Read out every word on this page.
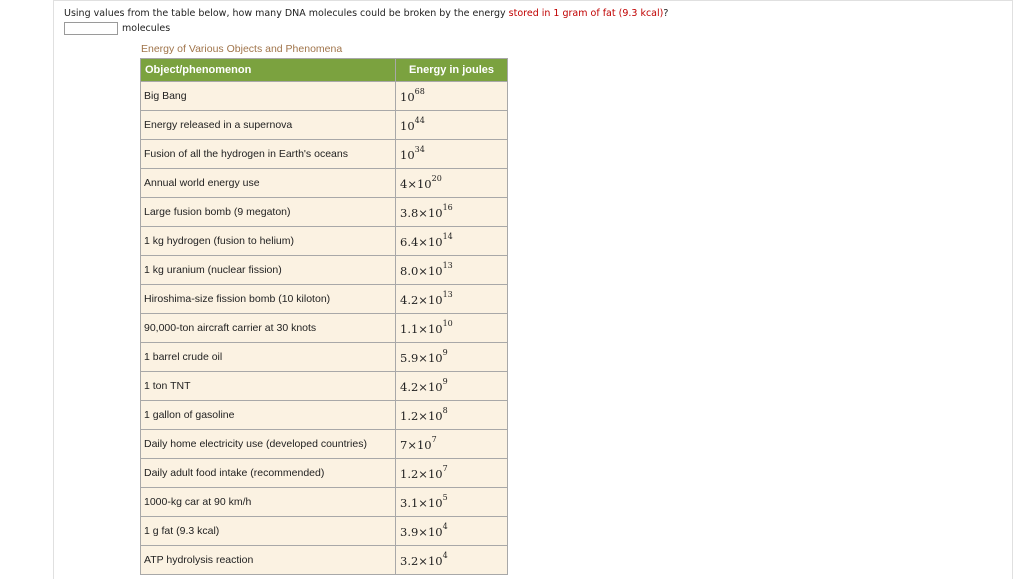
Using values from the table below, how many DNA molecules could be broken by the energy stored in 1 gram of fat (9.3 kcal)?
molecules
Energy of Various Objects and Phenomena
Object/phenomenon	Energy in joules
Big Bang	$10^{68}$
Energy released in a supernova	$10^{44}$
Fusion of all the hydrogen in Earth's oceans	$10^{34}$
Annual world energy use	$4\times 10^{20}$
Large fusion bomb (9 megaton)	$3.8\times 10^{16}$
1 kg hydrogen (fusion to helium)	$6.4\times 10^{14}$
1 kg uranium (nuclear fission)	$8.0\times 10^{13}$
Hiroshima-size fission bomb (10 kiloton)	$4.2\times 10^{13}$
90,000-ton aircraft carrier at 30 knots	$1.1\times 10^{10}$
1 barrel crude oil	$5.9\times 10^9$
1 ton TNT	$4.2\times 10^9$
1 gallon of gasoline	$1.2\times 10^8$
Daily home electricity use (developed countries)	$7\times 10^7$
Daily adult food intake (recommended)	$1.2\times 10^7$
1000-kg car at 90 km/h	$3.1\times 10^5$
1 g fat (9.3 kcal)	$3.9\times 10^4$
ATP hydrolysis reaction	$3.2\times 10^4$
